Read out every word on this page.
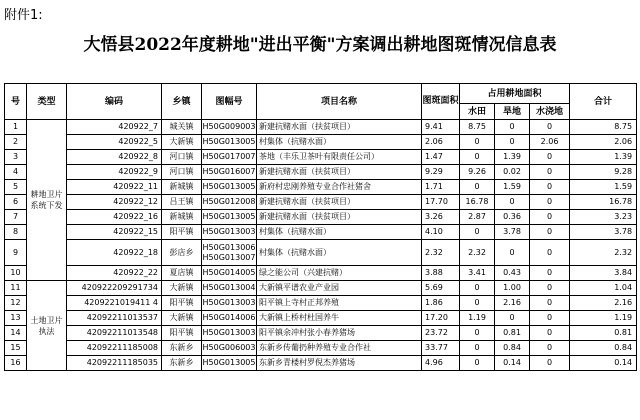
附件1:
大悟县2022年度耕地"进出平衡"方案调出耕地图斑情况信息表
号	类型	编码	乡镇	图幅号	项目名称	图斑面积	占用耕地面积			合计
							水田	旱地	水浇地	
1	耕地卫片系统下发	420922_7	城关镇	H50G009003	新建抗赌水面（扶贫项目）	9.41	8.75	0	0	8.75
2		420922_5	大新镇	H50G013005	村集体（抗赌水面）	2.06	0	0	2.06	2.06
3		420922_8	河口镇	H50G017007	茶地（丰乐卫茶叶有限责任公司）	1.47	0	1.39	0	1.39
4		420922_9	河口镇	H50G016007	新建抗赌水面（扶贫项目）	9.29	9.26	0.02	0	9.28
5		420922_11	新城镇	H50G013005	新府村忠刚养殖专业合作社猪舍	1.71	0	1.59	0	1.59
6		420922_12	吕王镇	H50G012008	新建抗赌水面（扶贫项目）	17.70	16.78	0	0	16.78
7		420922_16	新城镇	H50G013005	新建抗赌水面（扶贫项目）	3.26	2.87	0.36	0	3.23
8		420922_15	阳平镇	H50G013003	村集体（抗赌水面）	4.10	0	3.78	0	3.78
9		420922_18	彭店乡	H50G013006 H50G013007	村集体（抗赌水面）	2.32	2.32	0	0	2.32
10		420922_22	夏店镇	H50G014005	绿之能公司（兴建抗赌）	3.88	3.41	0.43	0	3.84
11	土地卫片执法	420922209291734	大新镇	H50G013004	大新镇平谱农业产业园	5.69	0	1.00	0	1.04
12		4209221019411 4	阳平镇	H50G013003	阳平镇上寺村正邦养殖	1.86	0	2.16	0	2.16
13		42092211013537	大新镇	H50G014006	大新镇上桥村杜国养牛	17.20	1.19	0	0	1.19
14		42092211013548	阳平镇	H50G013003	阳平镇余冲村张小春养猪场	23.72	0	0.81	0	0.81
15		42092211185008	东新乡	H50G006003	东新乡传葡扔种养殖专业合作社	33.77	0	0.84	0	0.84
16		42092211185035	东新乡	H50G013005	东新乡青楼村罗倪杰养猪场	4.96	0	0.14	0	0.14
